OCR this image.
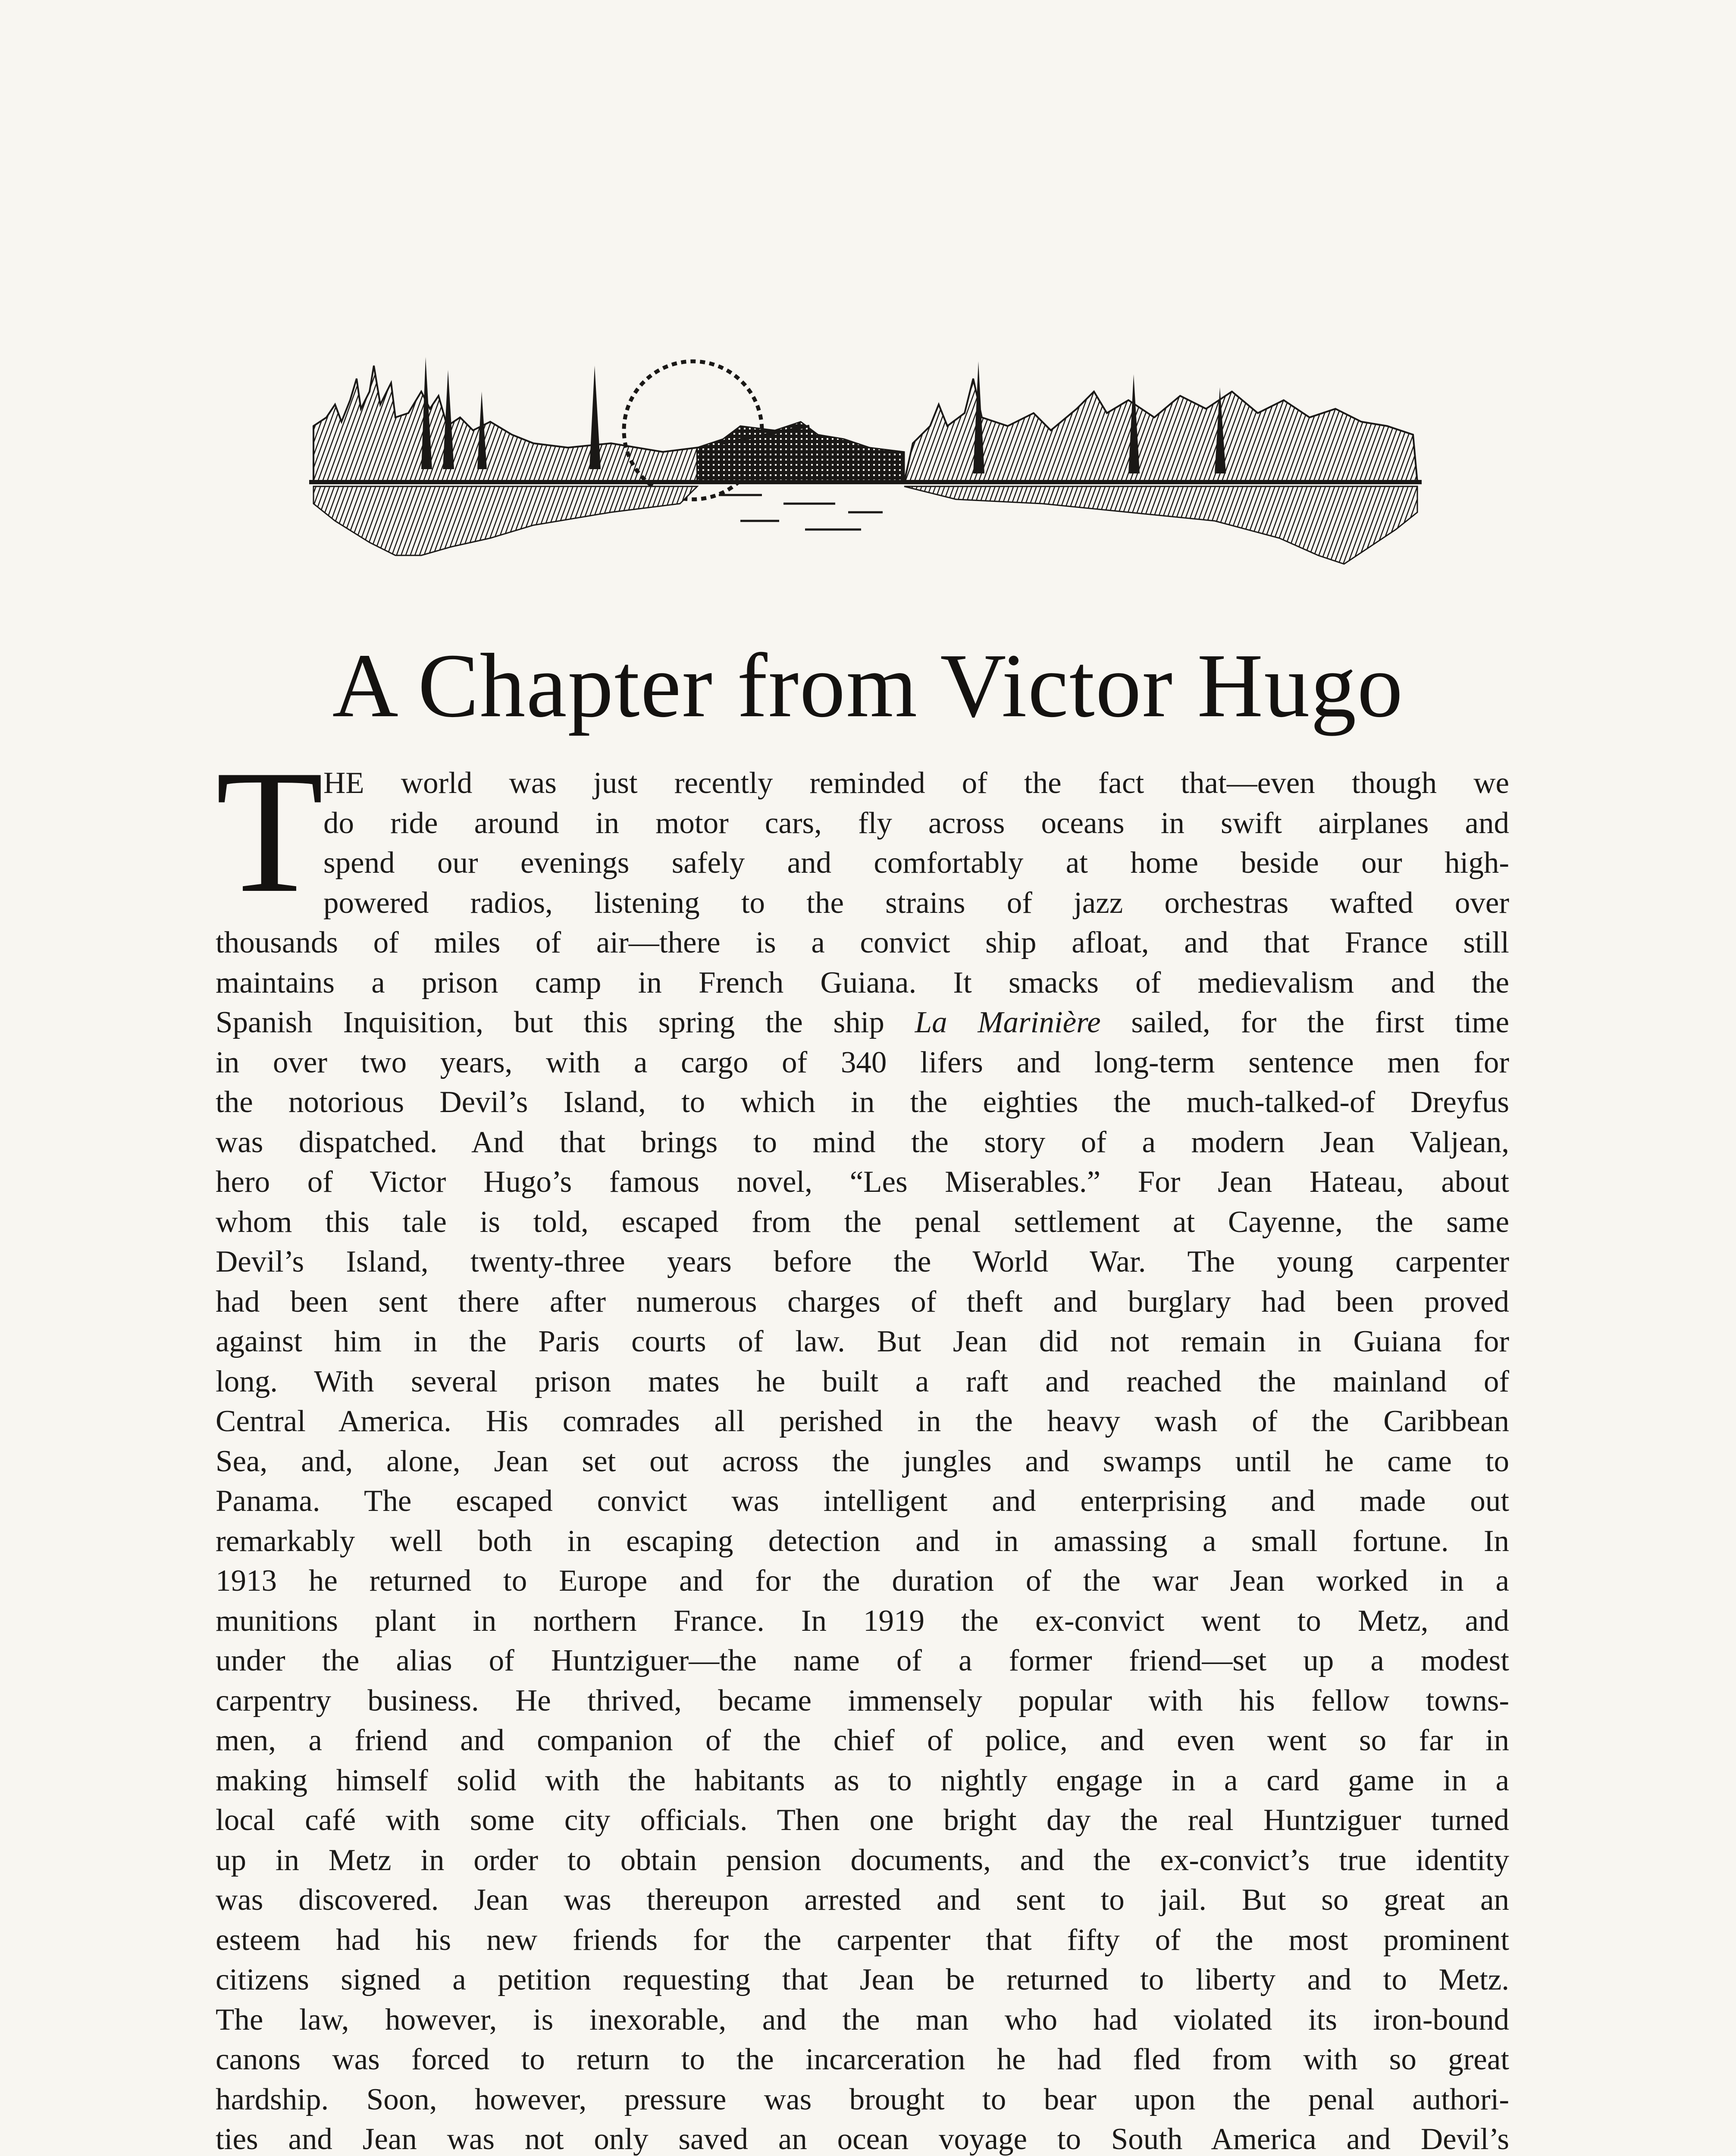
A Chapter from Victor Hugo
T HE world was just recently reminded of the fact that—even though we
do ride around in motor cars, fly across oceans in swift airplanes and
spend our evenings safely and comfortably at home beside our high-
powered radios, listening to the strains of jazz orchestras wafted over
thousands of miles of air—there is a convict ship afloat, and that France still
maintains a prison camp in French Guiana. It smacks of medievalism and the
Spanish Inquisition, but this spring the ship La Marinière sailed, for the first time
in over two years, with a cargo of 340 lifers and long-term sentence men for
the notorious Devil’s Island, to which in the eighties the much-talked-of Dreyfus
was dispatched. And that brings to mind the story of a modern Jean Valjean,
hero of Victor Hugo’s famous novel, “Les Miserables.” For Jean Hateau, about
whom this tale is told, escaped from the penal settlement at Cayenne, the same
Devil’s Island, twenty-three years before the World War. The young carpenter
had been sent there after numerous charges of theft and burglary had been proved
against him in the Paris courts of law. But Jean did not remain in Guiana for
long. With several prison mates he built a raft and reached the mainland of
Central America. His comrades all perished in the heavy wash of the Caribbean
Sea, and, alone, Jean set out across the jungles and swamps until he came to
Panama. The escaped convict was intelligent and enterprising and made out
remarkably well both in escaping detection and in amassing a small fortune. In
1913 he returned to Europe and for the duration of the war Jean worked in a
munitions plant in northern France. In 1919 the ex-convict went to Metz, and
under the alias of Huntziguer—the name of a former friend—set up a modest
carpentry business. He thrived, became immensely popular with his fellow towns-
men, a friend and companion of the chief of police, and even went so far in
making himself solid with the habitants as to nightly engage in a card game in a
local café with some city officials. Then one bright day the real Huntziguer turned
up in Metz in order to obtain pension documents, and the ex-convict’s true identity
was discovered. Jean was thereupon arrested and sent to jail. But so great an
esteem had his new friends for the carpenter that fifty of the most prominent
citizens signed a petition requesting that Jean be returned to liberty and to Metz.
The law, however, is inexorable, and the man who had violated its iron-bound
canons was forced to return to the incarceration he had fled from with so great
hardship. Soon, however, pressure was brought to bear upon the penal authori-
ties and Jean was not only saved an ocean voyage to South America and Devil’s
